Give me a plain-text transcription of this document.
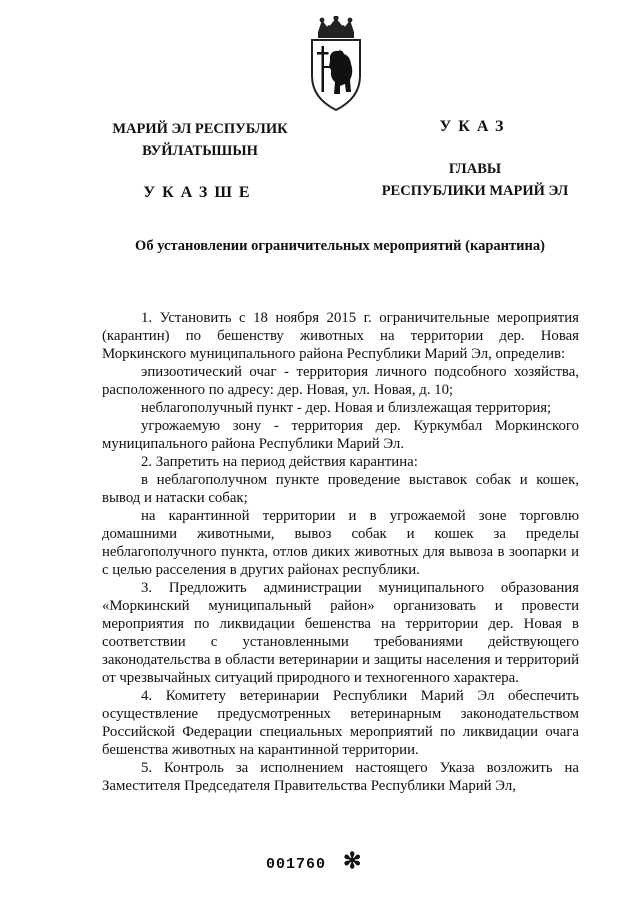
МАРИЙ ЭЛ РЕСПУБЛИК
ВУЙЛАТЫШЫН
УКАЗШЕ
УКАЗ
ГЛАВЫ
РЕСПУБЛИКИ МАРИЙ ЭЛ
Об установлении ограничительных мероприятий (карантина)

1. Установить с 18 ноября 2015 г. ограничительные мероприятия (карантин) по бешенству животных на территории дер. Новая Моркинского муниципального района Республики Марий Эл, определив:

эпизоотический очаг - территория личного подсобного хозяйства, расположенного по адресу: дер. Новая, ул. Новая, д. 10;

неблагополучный пункт - дер. Новая и близлежащая территория;

угрожаемую зону - территория дер. Куркумбал Моркинского муниципального района Республики Марий Эл.

2. Запретить на период действия карантина:

в неблагополучном пункте проведение выставок собак и кошек, вывод и натаски собак;

на карантинной территории и в угрожаемой зоне торговлю домашними животными, вывоз собак и кошек за пределы неблагополучного пункта, отлов диких животных для вывоза в зоопарки и с целью расселения в других районах республики.

3. Предложить администрации муниципального образования «Моркинский муниципальный район» организовать и провести мероприятия по ликвидации бешенства на территории дер. Новая в соответствии с установленными требованиями действующего законодательства в области ветеринарии и защиты населения и территорий от чрезвычайных ситуаций природного и техногенного характера.

4. Комитету ветеринарии Республики Марий Эл обеспечить осуществление предусмотренных ветеринарным законодательством Российской Федерации специальных мероприятий по ликвидации очага бешенства животных на карантинной территории.

5. Контроль за исполнением настоящего Указа возложить на Заместителя Председателя Правительства Республики Марий Эл,

001760 ✻
